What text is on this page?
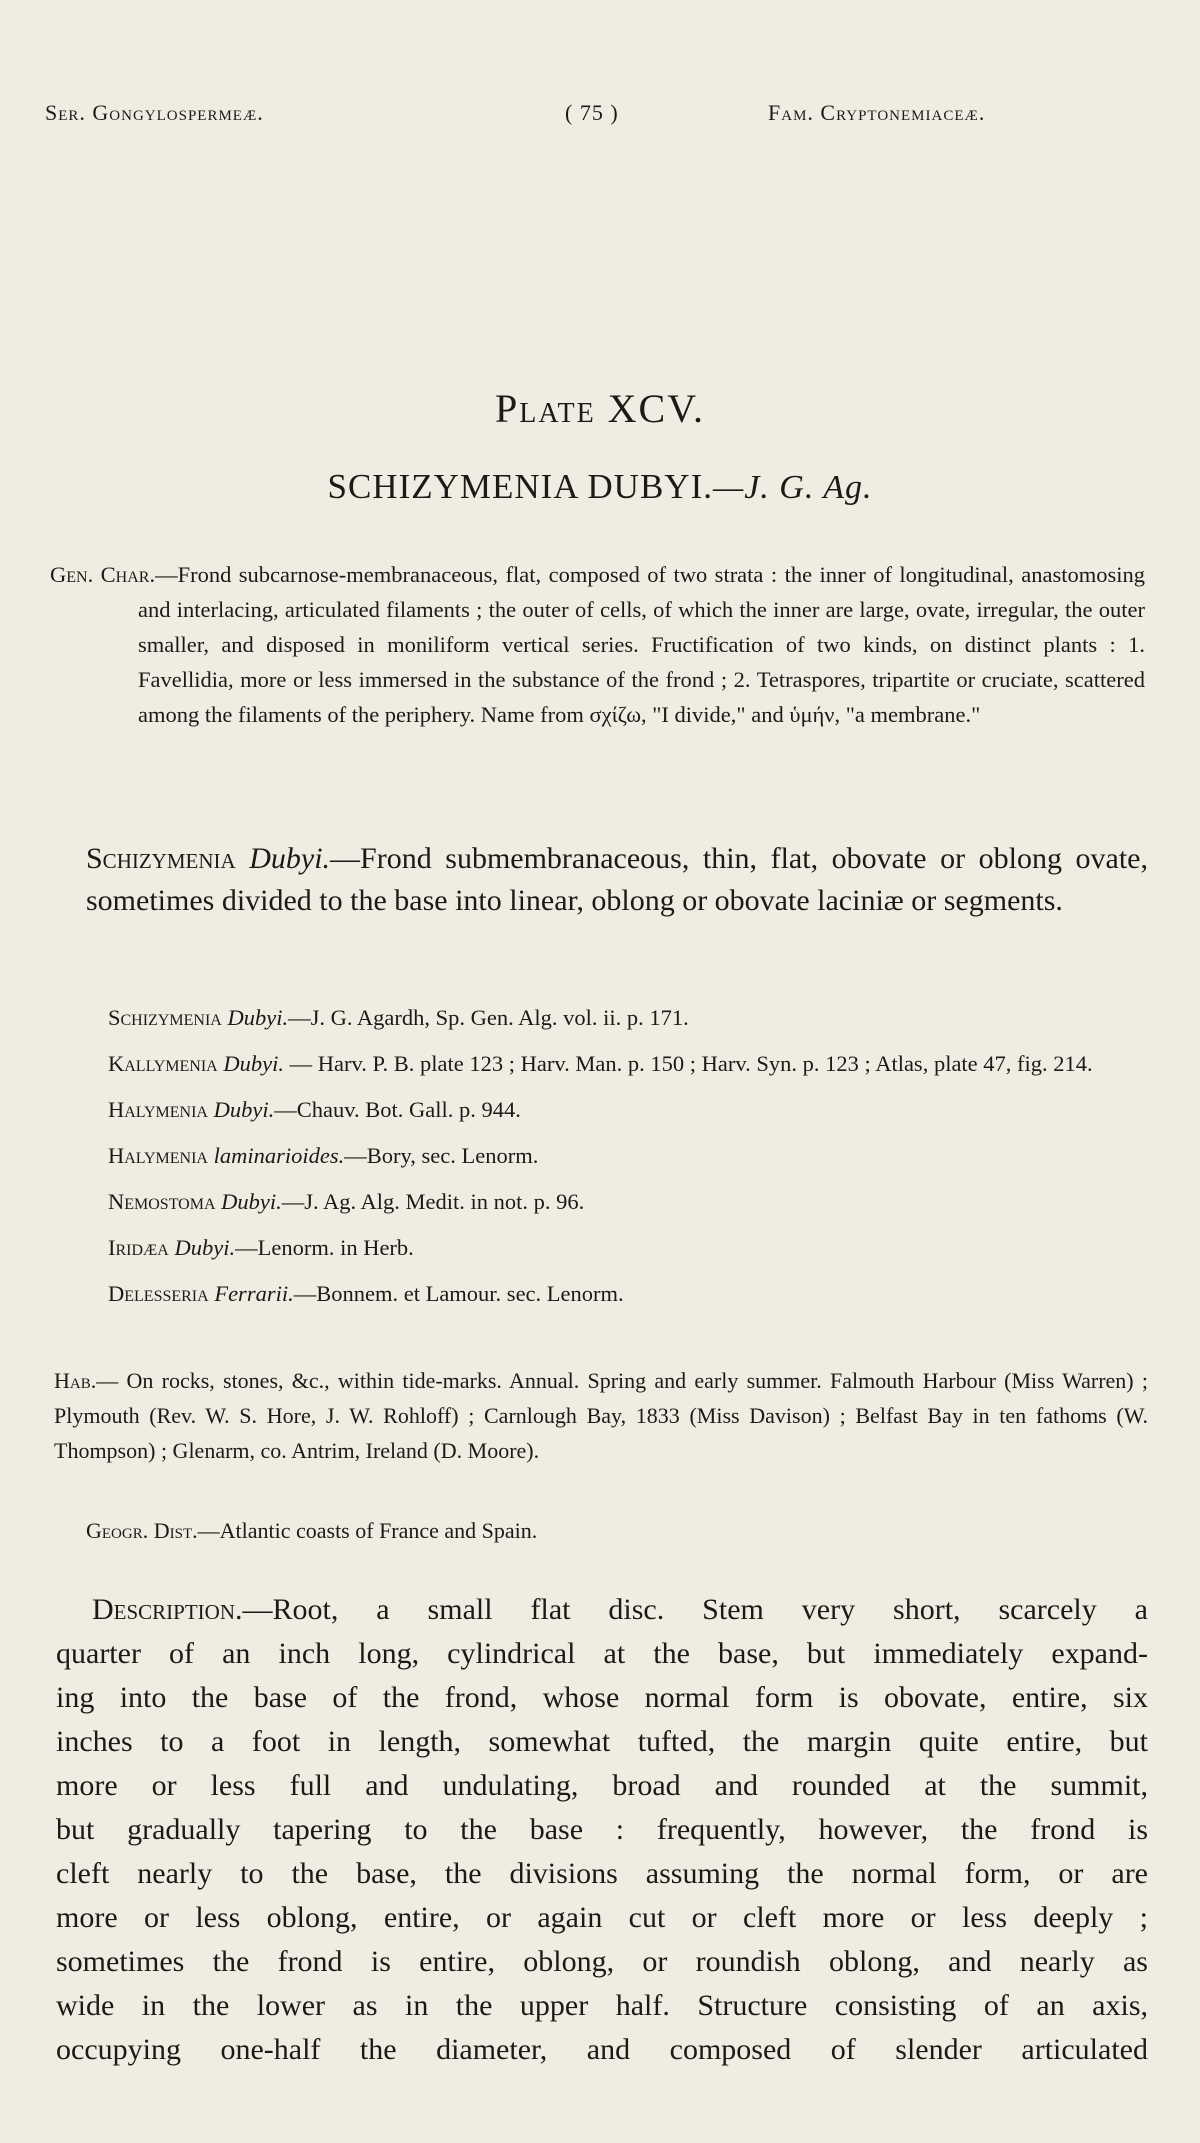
Ser. Gongylospermeæ.	( 75 )	Fam. Cryptonemiaceæ.
Plate XCV.
SCHIZYMENIA DUBYI.—J. G. Ag.

Gen. Char.—Frond subcarnose-membranaceous, flat, composed of two strata : the inner of longitudinal, anastomosing and interlacing, articulated filaments ; the outer of cells, of which the inner are large, ovate, irregular, the outer smaller, and disposed in moniliform vertical series. Fructification of two kinds, on distinct plants : 1. Favellidia, more or less immersed in the substance of the frond ; 2. Tetraspores, tripartite or cruciate, scattered among the filaments of the periphery. Name from σχίζω, "I divide," and ὑμήν, "a membrane."

Schizymenia Dubyi.—Frond submembranaceous, thin, flat, obovate or oblong ovate, sometimes divided to the base into linear, oblong or obovate laciniæ or segments.
Schizymenia Dubyi.—J. G. Agardh, Sp. Gen. Alg. vol. ii. p. 171.
Kallymenia Dubyi. — Harv. P. B. plate 123 ; Harv. Man. p. 150 ; Harv. Syn. p. 123 ; Atlas, plate 47, fig. 214.
Halymenia Dubyi.—Chauv. Bot. Gall. p. 944.
Halymenia laminarioides.—Bory, sec. Lenorm.
Nemostoma Dubyi.—J. Ag. Alg. Medit. in not. p. 96.
Iridæa Dubyi.—Lenorm. in Herb.
Delesseria Ferrarii.—Bonnem. et Lamour. sec. Lenorm.
Hab.— On rocks, stones, &c., within tide-marks. Annual. Spring and early summer. Falmouth Harbour (Miss Warren) ; Plymouth (Rev. W. S. Hore, J. W. Rohloff) ; Carnlough Bay, 1833 (Miss Davison) ; Belfast Bay in ten fathoms (W. Thompson) ; Glenarm, co. Antrim, Ireland (D. Moore).
Geogr. Dist.—Atlantic coasts of France and Spain.
Description.—Root, a small flat disc. Stem very short, scarcely a
quarter of an inch long, cylindrical at the base, but immediately expand-
ing into the base of the frond, whose normal form is obovate, entire, six
inches to a foot in length, somewhat tufted, the margin quite entire, but
more or less full and undulating, broad and rounded at the summit,
but gradually tapering to the base : frequently, however, the frond is
cleft nearly to the base, the divisions assuming the normal form, or are
more or less oblong, entire, or again cut or cleft more or less deeply ;
sometimes the frond is entire, oblong, or roundish oblong, and nearly as
wide in the lower as in the upper half. Structure consisting of an axis,
occupying one-half the diameter, and composed of slender articulated
